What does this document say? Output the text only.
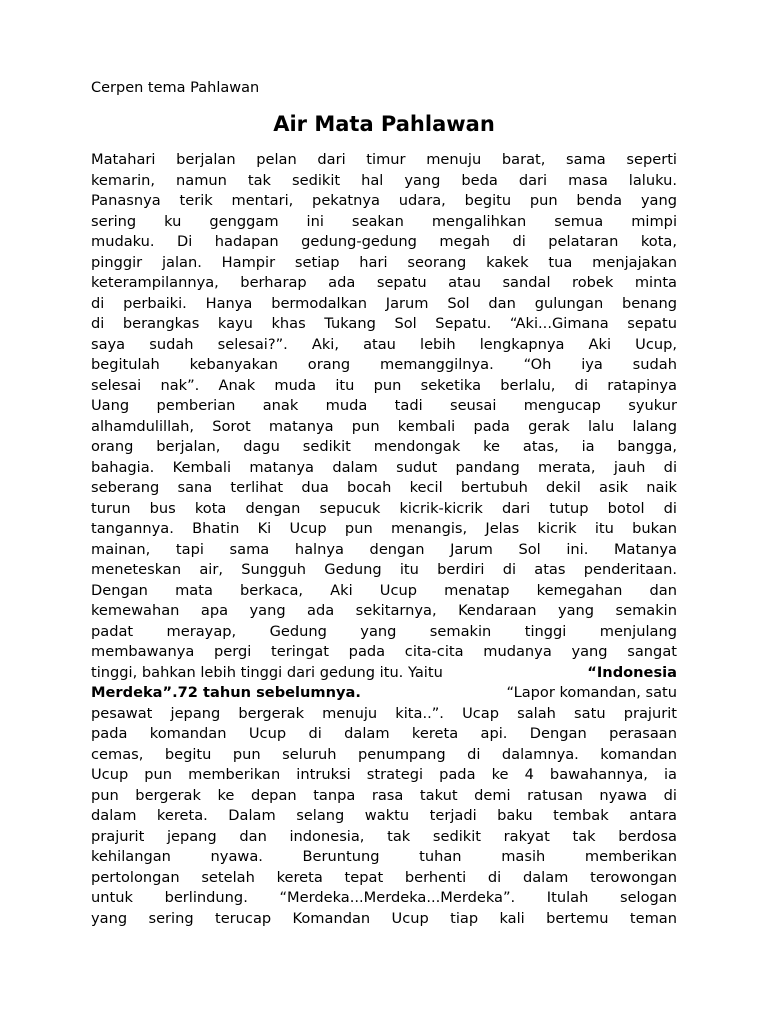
Cerpen tema Pahlawan
Air Mata Pahlawan
Matahari berjalan pelan dari timur menuju barat, sama seperti
kemarin, namun tak sedikit hal yang beda dari masa laluku.
Panasnya terik mentari, pekatnya udara, begitu pun benda yang
sering ku genggam ini seakan mengalihkan semua mimpi
mudaku. Di hadapan gedung-gedung megah di pelataran kota,
pinggir jalan. Hampir setiap hari seorang kakek tua menjajakan
keterampilannya, berharap ada sepatu atau sandal robek minta
di perbaiki. Hanya bermodalkan Jarum Sol dan gulungan benang
di berangkas kayu khas Tukang Sol Sepatu. “Aki...Gimana sepatu
saya sudah selesai?”. Aki, atau lebih lengkapnya Aki Ucup,
begitulah kebanyakan orang memanggilnya. “Oh iya sudah
selesai nak”. Anak muda itu pun seketika berlalu, di ratapinya
Uang pemberian anak muda tadi seusai mengucap syukur
alhamdulillah, Sorot matanya pun kembali pada gerak lalu lalang
orang berjalan, dagu sedikit mendongak ke atas, ia bangga,
bahagia. Kembali matanya dalam sudut pandang merata, jauh di
seberang sana terlihat dua bocah kecil bertubuh dekil asik naik
turun bus kota dengan sepucuk kicrik-kicrik dari tutup botol di
tangannya. Bhatin Ki Ucup pun menangis, Jelas kicrik itu bukan
mainan, tapi sama halnya dengan Jarum Sol ini. Matanya
meneteskan air, Sungguh Gedung itu berdiri di atas penderitaan.
Dengan mata berkaca, Aki Ucup menatap kemegahan dan
kemewahan apa yang ada sekitarnya, Kendaraan yang semakin
padat merayap, Gedung yang semakin tinggi menjulang
membawanya pergi teringat pada cita-cita mudanya yang sangat
tinggi, bahkan lebih tinggi dari gedung itu. Yaitu	“Indonesia
Merdeka”.72 tahun sebelumnya.	“Lapor komandan, satu
pesawat jepang bergerak menuju kita..”. Ucap salah satu prajurit
pada komandan Ucup di dalam kereta api. Dengan perasaan
cemas, begitu pun seluruh penumpang di dalamnya. komandan
Ucup pun memberikan intruksi strategi pada ke 4 bawahannya, ia
pun bergerak ke depan tanpa rasa takut demi ratusan nyawa di
dalam kereta. Dalam selang waktu terjadi baku tembak antara
prajurit jepang dan indonesia, tak sedikit rakyat tak berdosa
kehilangan nyawa. Beruntung tuhan masih memberikan
pertolongan setelah kereta tepat berhenti di dalam terowongan
untuk berlindung. “Merdeka...Merdeka...Merdeka”. Itulah selogan
yang sering terucap Komandan Ucup tiap kali bertemu teman
